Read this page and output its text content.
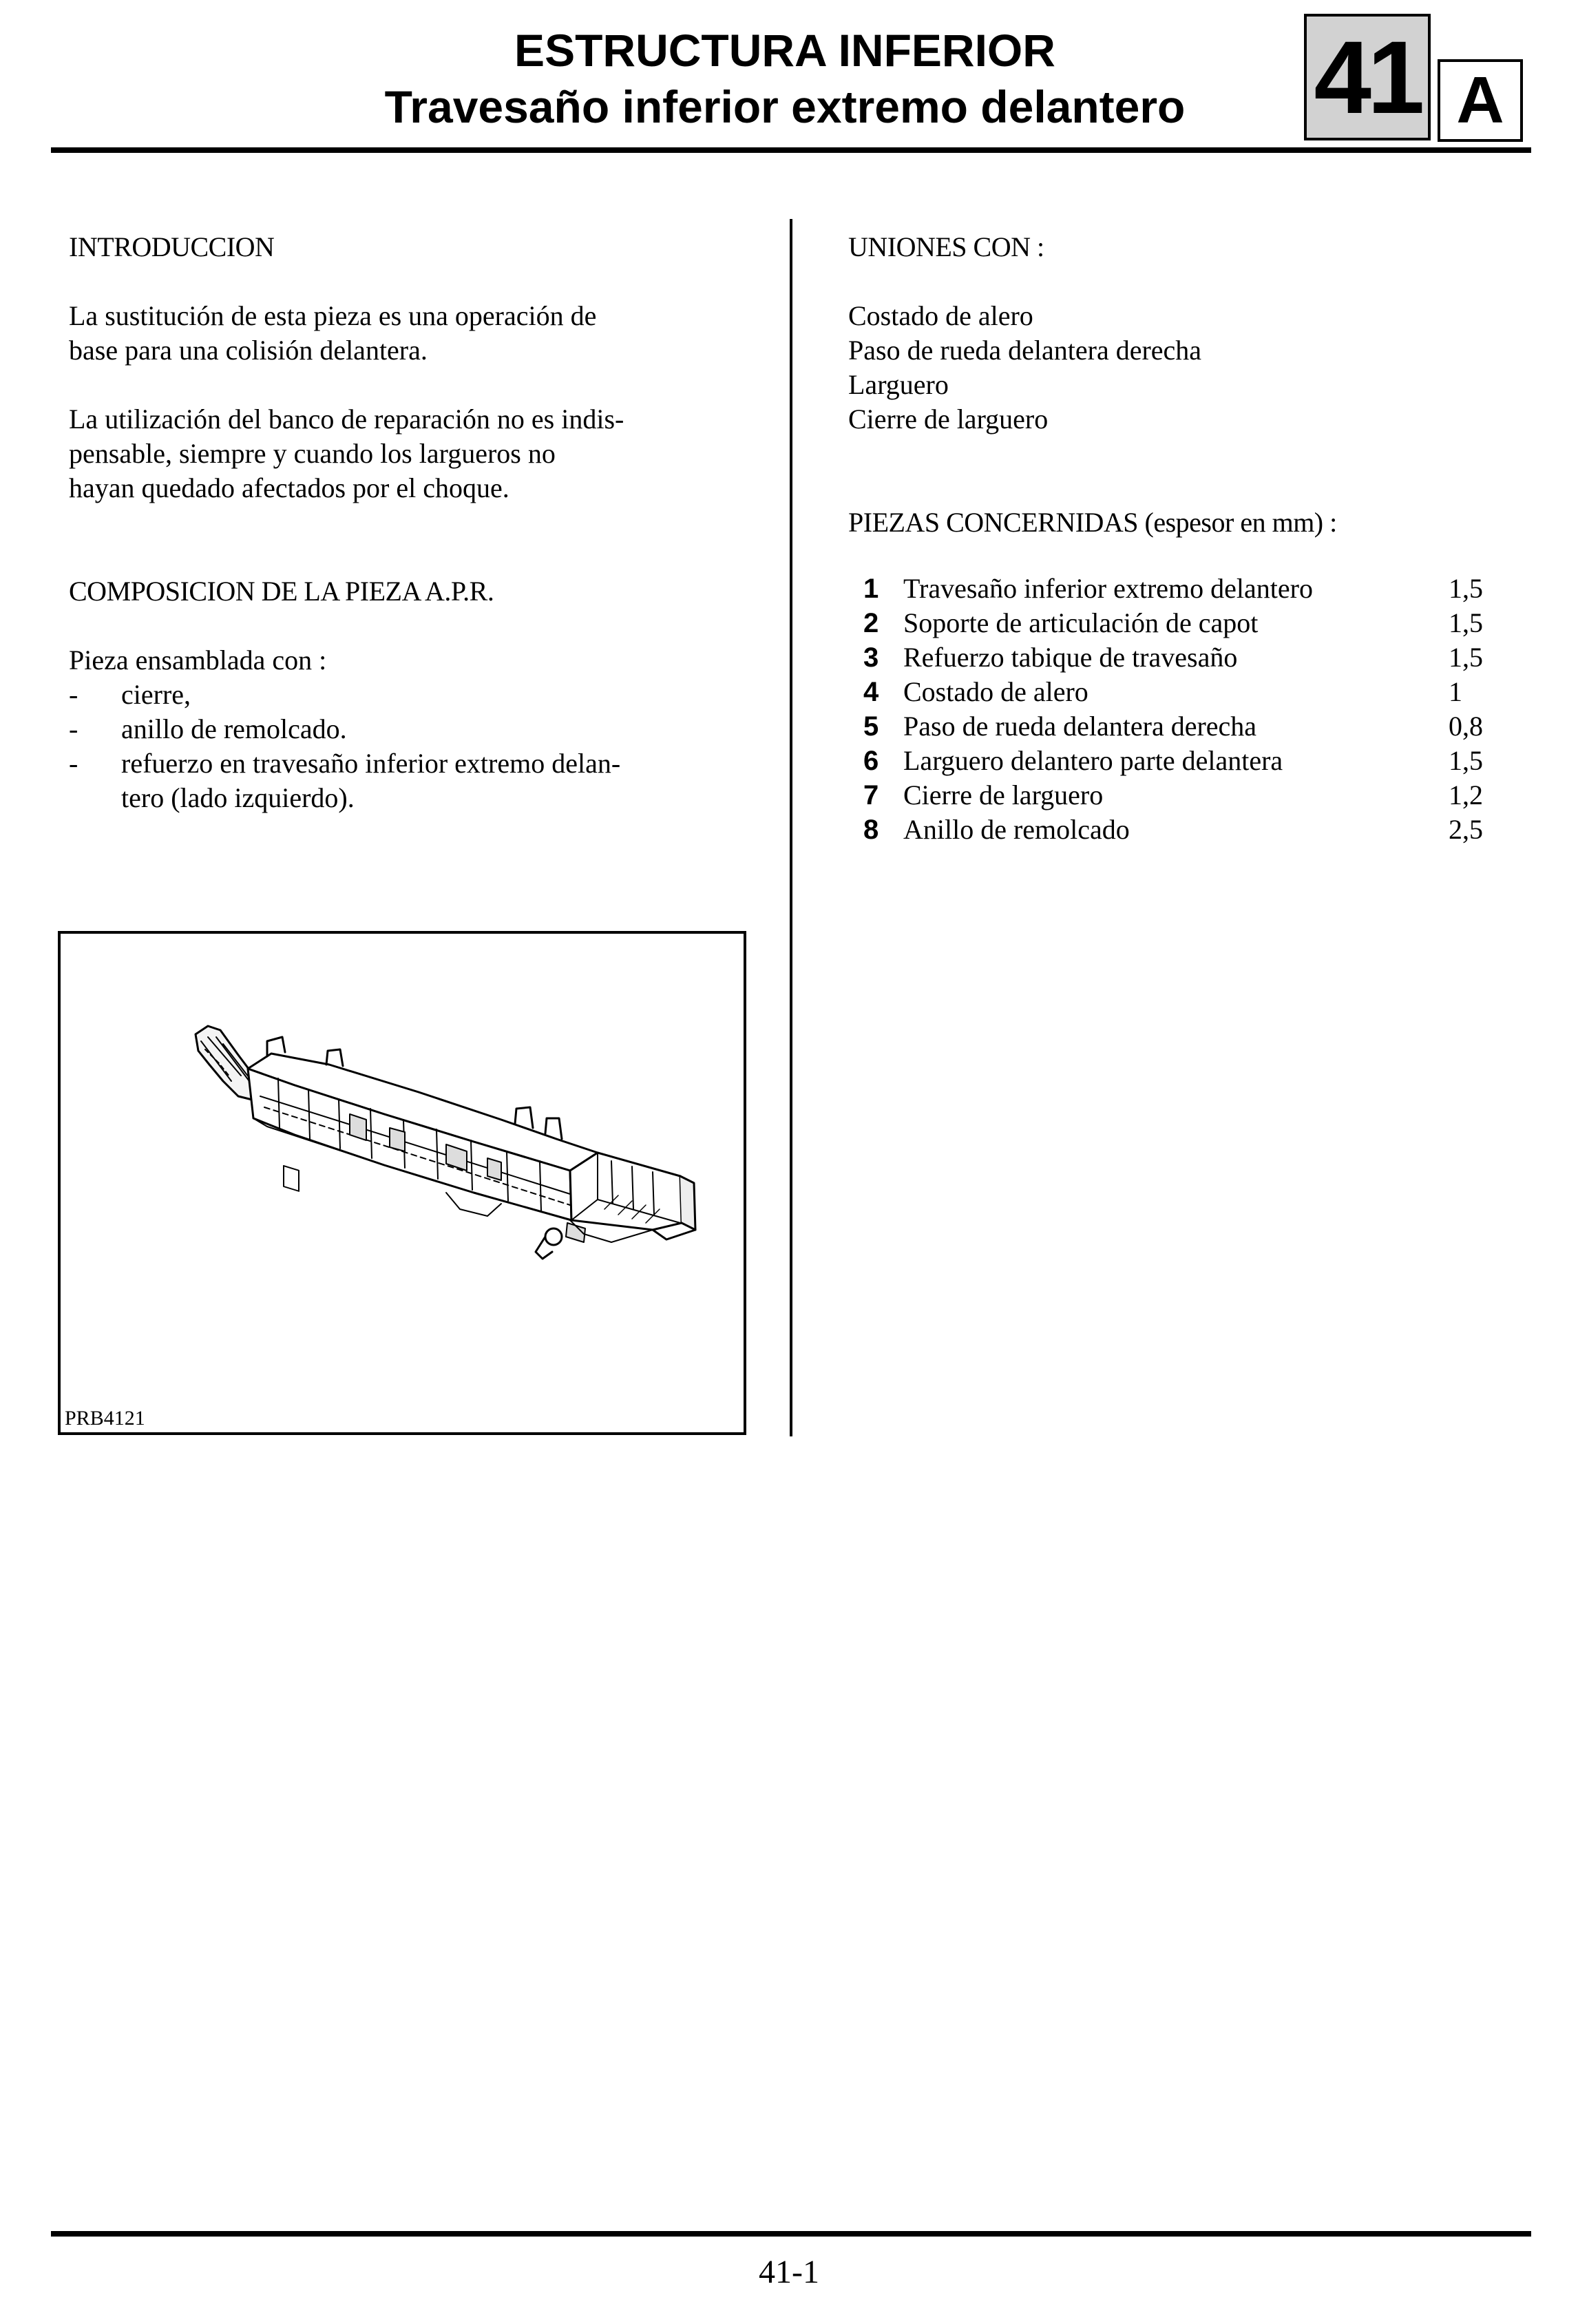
ESTRUCTURA INFERIOR
Travesaño inferior extremo delantero	41 A
INTRODUCCION
La sustitución de esta pieza es una operación de
base para una colisión delantera.
La utilización del banco de reparación no es indis-
pensable, siempre y cuando los largueros no
hayan quedado afectados por el choque.
COMPOSICION DE LA PIEZA A.P.R.
Pieza ensamblada con :
- cierre,
- anillo de remolcado.
- refuerzo en travesaño inferior extremo delan-
tero (lado izquierdo).
PRB4121
UNIONES CON :
Costado de alero
Paso de rueda delantera derecha
Larguero
Cierre de larguero
PIEZAS CONCERNIDAS (espesor en mm) :
1 Travesaño inferior extremo delantero	1,5
2 Soporte de articulación de capot	1,5
3 Refuerzo tabique de travesaño	1,5
4 Costado de alero	1
5 Paso de rueda delantera derecha	0,8
6 Larguero delantero parte delantera	1,5
7 Cierre de larguero	1,2
8 Anillo de remolcado	2,5
41-1
